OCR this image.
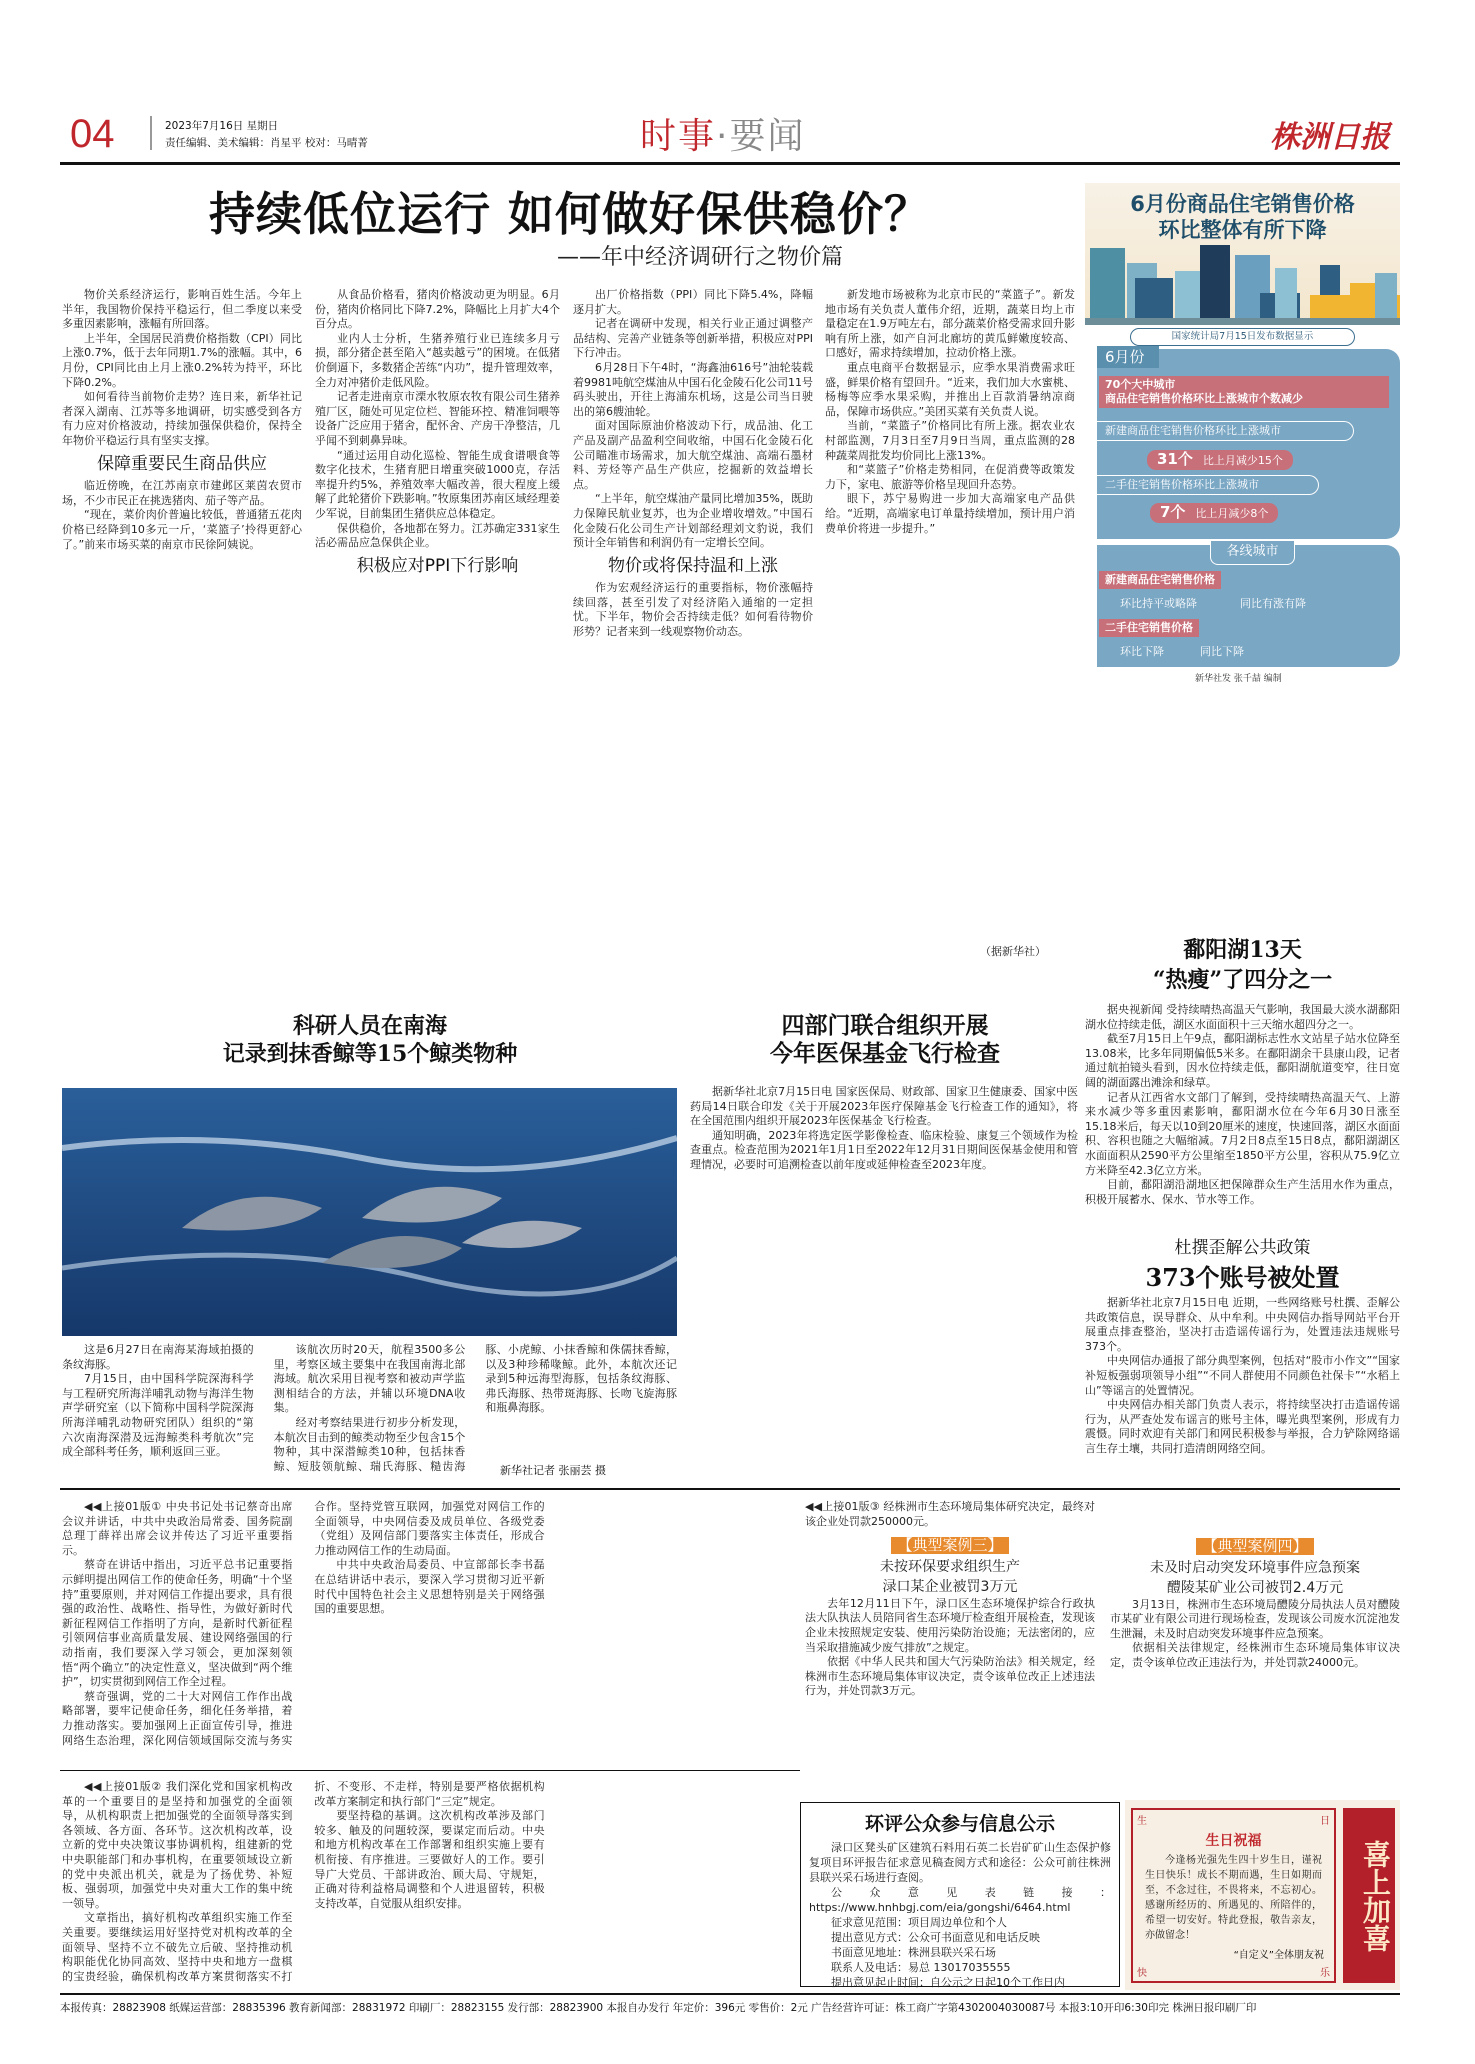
04	2023年7月16日 星期日
责任编辑、美术编辑：肖星平 校对：马晴菁	时事·要闻	株洲日报
持续低位运行 如何做好保供稳价？
——年中经济调研行之物价篇

物价关系经济运行，影响百姓生活。今年上半年，我国物价保持平稳运行，但二季度以来受多重因素影响，涨幅有所回落。

上半年，全国居民消费价格指数（CPI）同比上涨0.7%，低于去年同期1.7%的涨幅。其中，6月份，CPI同比由上月上涨0.2%转为持平，环比下降0.2%。

如何看待当前物价走势？连日来，新华社记者深入湖南、江苏等多地调研，切实感受到各方有力应对价格波动，持续加强保供稳价，保持全年物价平稳运行具有坚实支撑。

保障重要民生商品供应

临近傍晚，在江苏南京市建邺区莱茵农贸市场，不少市民正在挑选猪肉、茄子等产品。

“现在，菜价肉价普遍比较低，普通猪五花肉价格已经降到10多元一斤，‘菜篮子’拎得更舒心了。”前来市场买菜的南京市民徐阿姨说。

从食品价格看，猪肉价格波动更为明显。6月份，猪肉价格同比下降7.2%，降幅比上月扩大4个百分点。

业内人士分析，生猪养殖行业已连续多月亏损，部分猪企甚至陷入“越卖越亏”的困境。在低猪价倒逼下，多数猪企苦练“内功”，提升管理效率，全力对冲猪价走低风险。

记者走进南京市溧水牧原农牧有限公司生猪养殖厂区，随处可见定位栏、智能环控、精准饲喂等设备广泛应用于猪舍，配怀舍、产房干净整洁，几乎闻不到刺鼻异味。

“通过运用自动化巡检、智能生成食谱喂食等数字化技术，生猪育肥日增重突破1000克，存活率提升约5%，养殖效率大幅改善，很大程度上缓解了此轮猪价下跌影响。”牧原集团苏南区域经理姜少军说，目前集团生猪供应总体稳定。

保供稳价，各地都在努力。江苏确定331家生活必需品应急保供企业。

积极应对PPI下行影响

出厂价格指数（PPI）同比下降5.4%，降幅逐月扩大。

记者在调研中发现，相关行业正通过调整产品结构、完善产业链条等创新举措，积极应对PPI下行冲击。

6月28日下午4时，“海鑫油616号”油轮装载着9981吨航空煤油从中国石化金陵石化公司11号码头驶出，开往上海浦东机场，这是公司当日驶出的第6艘油轮。

面对国际原油价格波动下行，成品油、化工产品及副产品盈利空间收缩，中国石化金陵石化公司瞄准市场需求，加大航空煤油、高端石墨材料、芳烃等产品生产供应，挖掘新的效益增长点。

“上半年，航空煤油产量同比增加35%，既助力保障民航业复苏，也为企业增收增效。”中国石化金陵石化公司生产计划部经理刘文豹说，我们预计全年销售和利润仍有一定增长空间。

物价或将保持温和上涨

作为宏观经济运行的重要指标，物价涨幅持续回落，甚至引发了对经济陷入通缩的一定担忧。下半年，物价会否持续走低？如何看待物价形势？记者来到一线观察物价动态。

新发地市场被称为北京市民的“菜篮子”。新发地市场有关负责人董伟介绍，近期，蔬菜日均上市量稳定在1.9万吨左右，部分蔬菜价格受需求回升影响有所上涨，如产自河北廊坊的黄瓜鲜嫩度较高、口感好，需求持续增加，拉动价格上涨。

重点电商平台数据显示，应季水果消费需求旺盛，鲜果价格有望回升。“近来，我们加大水蜜桃、杨梅等应季水果采购，并推出上百款消暑纳凉商品，保障市场供应。”美团买菜有关负责人说。

当前，“菜篮子”价格同比有所上涨。据农业农村部监测，7月3日至7月9日当周，重点监测的28种蔬菜周批发均价同比上涨13%。

和“菜篮子”价格走势相同，在促消费等政策发力下，家电、旅游等价格呈现回升态势。

眼下，苏宁易购进一步加大高端家电产品供给。“近期，高端家电订单量持续增加，预计用户消费单价将进一步提升。”

（据新华社）
6月份商品住宅销售价格
环比整体有所下降
国家统计局7月15日发布数据显示
6月份
70个大中城市
商品住宅销售价格环比上涨城市个数减少
新建商品住宅销售价格环比上涨城市
31个 比上月减少15个
二手住宅销售价格环比上涨城市
7个 比上月减少8个
各线城市
新建商品住宅销售价格
环比持平或略降	同比有涨有降
二手住宅销售价格
环比下降	同比下降
新华社发 张千喆 编制
鄱阳湖13天
“热瘦”了四分之一

据央视新闻 受持续晴热高温天气影响，我国最大淡水湖鄱阳湖水位持续走低，湖区水面面积十三天缩水超四分之一。

截至7月15日上午9点，鄱阳湖标志性水文站星子站水位降至13.08米，比多年同期偏低5米多。在鄱阳湖余干县康山段，记者通过航拍镜头看到，因水位持续走低，鄱阳湖航道变窄，往日宽阔的湖面露出滩涂和绿草。

记者从江西省水文部门了解到，受持续晴热高温天气、上游来水减少等多重因素影响，鄱阳湖水位在今年6月30日涨至15.18米后，每天以10到20厘米的速度，快速回落，湖区水面面积、容积也随之大幅缩减。7月2日8点至15日8点，鄱阳湖湖区水面面积从2590平方公里缩至1850平方公里，容积从75.9亿立方米降至42.3亿立方米。

目前，鄱阳湖沿湖地区把保障群众生产生活用水作为重点，积极开展蓄水、保水、节水等工作。

杜撰歪解公共政策
373个账号被处置

据新华社北京7月15日电 近期，一些网络账号杜撰、歪解公共政策信息，误导群众、从中牟利。中央网信办指导网站平台开展重点排查整治，坚决打击造谣传谣行为，处置违法违规账号373个。

中央网信办通报了部分典型案例，包括对“股市小作文”“国家补短板强弱项领导小组”“不同人群使用不同颜色社保卡”“水稻上山”等谣言的处置情况。

中央网信办相关部门负责人表示，将持续坚决打击造谣传谣行为，从严查处发布谣言的账号主体，曝光典型案例，形成有力震慑。同时欢迎有关部门和网民积极参与举报，合力铲除网络谣言生存土壤，共同打造清朗网络空间。

科研人员在南海
记录到抹香鲸等15个鲸类物种

这是6月27日在南海某海域拍摄的条纹海豚。

7月15日，由中国科学院深海科学与工程研究所海洋哺乳动物与海洋生物声学研究室（以下简称中国科学院深海所海洋哺乳动物研究团队）组织的“第六次南海深潜及远海鲸类科考航次”完成全部科考任务，顺利返回三亚。

该航次历时20天，航程3500多公里，考察区域主要集中在我国南海北部海域。航次采用目视考察和被动声学监测相结合的方法，并辅以环境DNA收集。

经对考察结果进行初步分析发现，本航次目击到的鲸类动物至少包含15个物种，其中深潜鲸类10种，包括抹香鲸、短肢领航鲸、瑞氏海豚、糙齿海豚、小虎鲸、小抹香鲸和侏儒抹香鲸，以及3种珍稀喙鲸。此外，本航次还记录到5种远海型海豚，包括条纹海豚、弗氏海豚、热带斑海豚、长吻飞旋海豚和瓶鼻海豚。

新华社记者 张丽芸 摄
四部门联合组织开展
今年医保基金飞行检查

据新华社北京7月15日电 国家医保局、财政部、国家卫生健康委、国家中医药局14日联合印发《关于开展2023年医疗保障基金飞行检查工作的通知》，将在全国范围内组织开展2023年医保基金飞行检查。

通知明确，2023年将选定医学影像检查、临床检验、康复三个领域作为检查重点。检查范围为2021年1月1日至2022年12月31日期间医保基金使用和管理情况，必要时可追溯检查以前年度或延伸检查至2023年度。

◀◀上接01版① 中央书记处书记蔡奇出席会议并讲话，中共中央政治局常委、国务院副总理丁薛祥出席会议并传达了习近平重要指示。

蔡奇在讲话中指出，习近平总书记重要指示鲜明提出网信工作的使命任务，明确“十个坚持”重要原则，并对网信工作提出要求，具有很强的政治性、战略性、指导性，为做好新时代新征程网信工作指明了方向，是新时代新征程引领网信事业高质量发展、建设网络强国的行动指南，我们要深入学习领会，更加深刻领悟“两个确立”的决定性意义，坚决做到“两个维护”，切实贯彻到网信工作全过程。

蔡奇强调，党的二十大对网信工作作出战略部署，要牢记使命任务，细化任务举措，着力推动落实。要加强网上正面宣传引导，推进网络生态治理，深化网信领域国际交流与务实合作。坚持党管互联网，加强党对网信工作的全面领导，中央网信委及成员单位、各级党委（党组）及网信部门要落实主体责任，形成合力推动网信工作的生动局面。

中共中央政治局委员、中宣部部长李书磊在总结讲话中表示，要深入学习贯彻习近平新时代中国特色社会主义思想特别是关于网络强国的重要思想。

◀◀上接01版② 我们深化党和国家机构改革的一个重要目的是坚持和加强党的全面领导，从机构职责上把加强党的全面领导落实到各领域、各方面、各环节。这次机构改革，设立新的党中央决策议事协调机构，组建新的党中央职能部门和办事机构，在重要领域设立新的党中央派出机关，就是为了扬优势、补短板、强弱项，加强党中央对重大工作的集中统一领导。

文章指出，搞好机构改革组织实施工作至关重要。要继续运用好坚持党对机构改革的全面领导、坚持不立不破先立后破、坚持推动机构职能优化协同高效、坚持中央和地方一盘棋的宝贵经验，确保机构改革方案贯彻落实不打折、不变形、不走样，特别是要严格依据机构改革方案制定和执行部门“三定”规定。

要坚持稳的基调。这次机构改革涉及部门较多、触及的问题较深，要谋定而后动。中央和地方机构改革在工作部署和组织实施上要有机衔接、有序推进。三要做好人的工作。要引导广大党员、干部讲政治、顾大局、守规矩，正确对待利益格局调整和个人进退留转，积极支持改革，自觉服从组织安排。

◀◀上接01版③ 经株洲市生态环境局集体研究决定，最终对该企业处罚款250000元。
【典型案例三】
未按环保要求组织生产
渌口某企业被罚3万元

去年12月11日下午，渌口区生态环境保护综合行政执法大队执法人员陪同省生态环境厅检查组开展检查，发现该企业未按照规定安装、使用污染防治设施；无法密闭的，应当采取措施减少废气排放”之规定。

依据《中华人民共和国大气污染防治法》相关规定，经株洲市生态环境局集体审议决定，责令该单位改正上述违法行为，并处罚款3万元。

【典型案例四】
未及时启动突发环境事件应急预案
醴陵某矿业公司被罚2.4万元

3月13日，株洲市生态环境局醴陵分局执法人员对醴陵市某矿业有限公司进行现场检查，发现该公司废水沉淀池发生泄漏，未及时启动突发环境事件应急预案。

依据相关法律规定，经株洲市生态环境局集体审议决定，责令该单位改正违法行为，并处罚款24000元。

环评公众参与信息公示

渌口区凳头矿区建筑石料用石英二长岩矿矿山生态保护修复项目环评报告征求意见稿查阅方式和途径：公众可前往株洲县联兴采石场进行查阅。

公众意见表链接：https://www.hnhbgj.com/eia/gongshi/6464.html

征求意见范围：项目周边单位和个人

提出意见方式：公众可书面意见和电话反映

书面意见地址：株洲县联兴采石场

联系人及电话：易总 13017035555

提出意见起止时间：自公示之日起10个工作日内

生	日
快	乐
生日祝福
今逢杨光强先生四十岁生日，谨祝生日快乐！成长不期而遇，生日如期而至，不念过往，不畏将来，不忘初心。感谢所经历的、所遇见的、所陪伴的，希望一切安好。特此登报，敬告亲友，亦做留念！
“自定义”全体朋友祝
喜上加喜
本报传真：28823908 纸媒运营部：28835396 教育新闻部：28831972 印刷厂：28823155 发行部：28823900 本报自办发行 年定价：396元 零售价：2元 广告经营许可证：株工商广字第4302004030087号 本报3:10开印6:30印完 株洲日报印刷厂印
